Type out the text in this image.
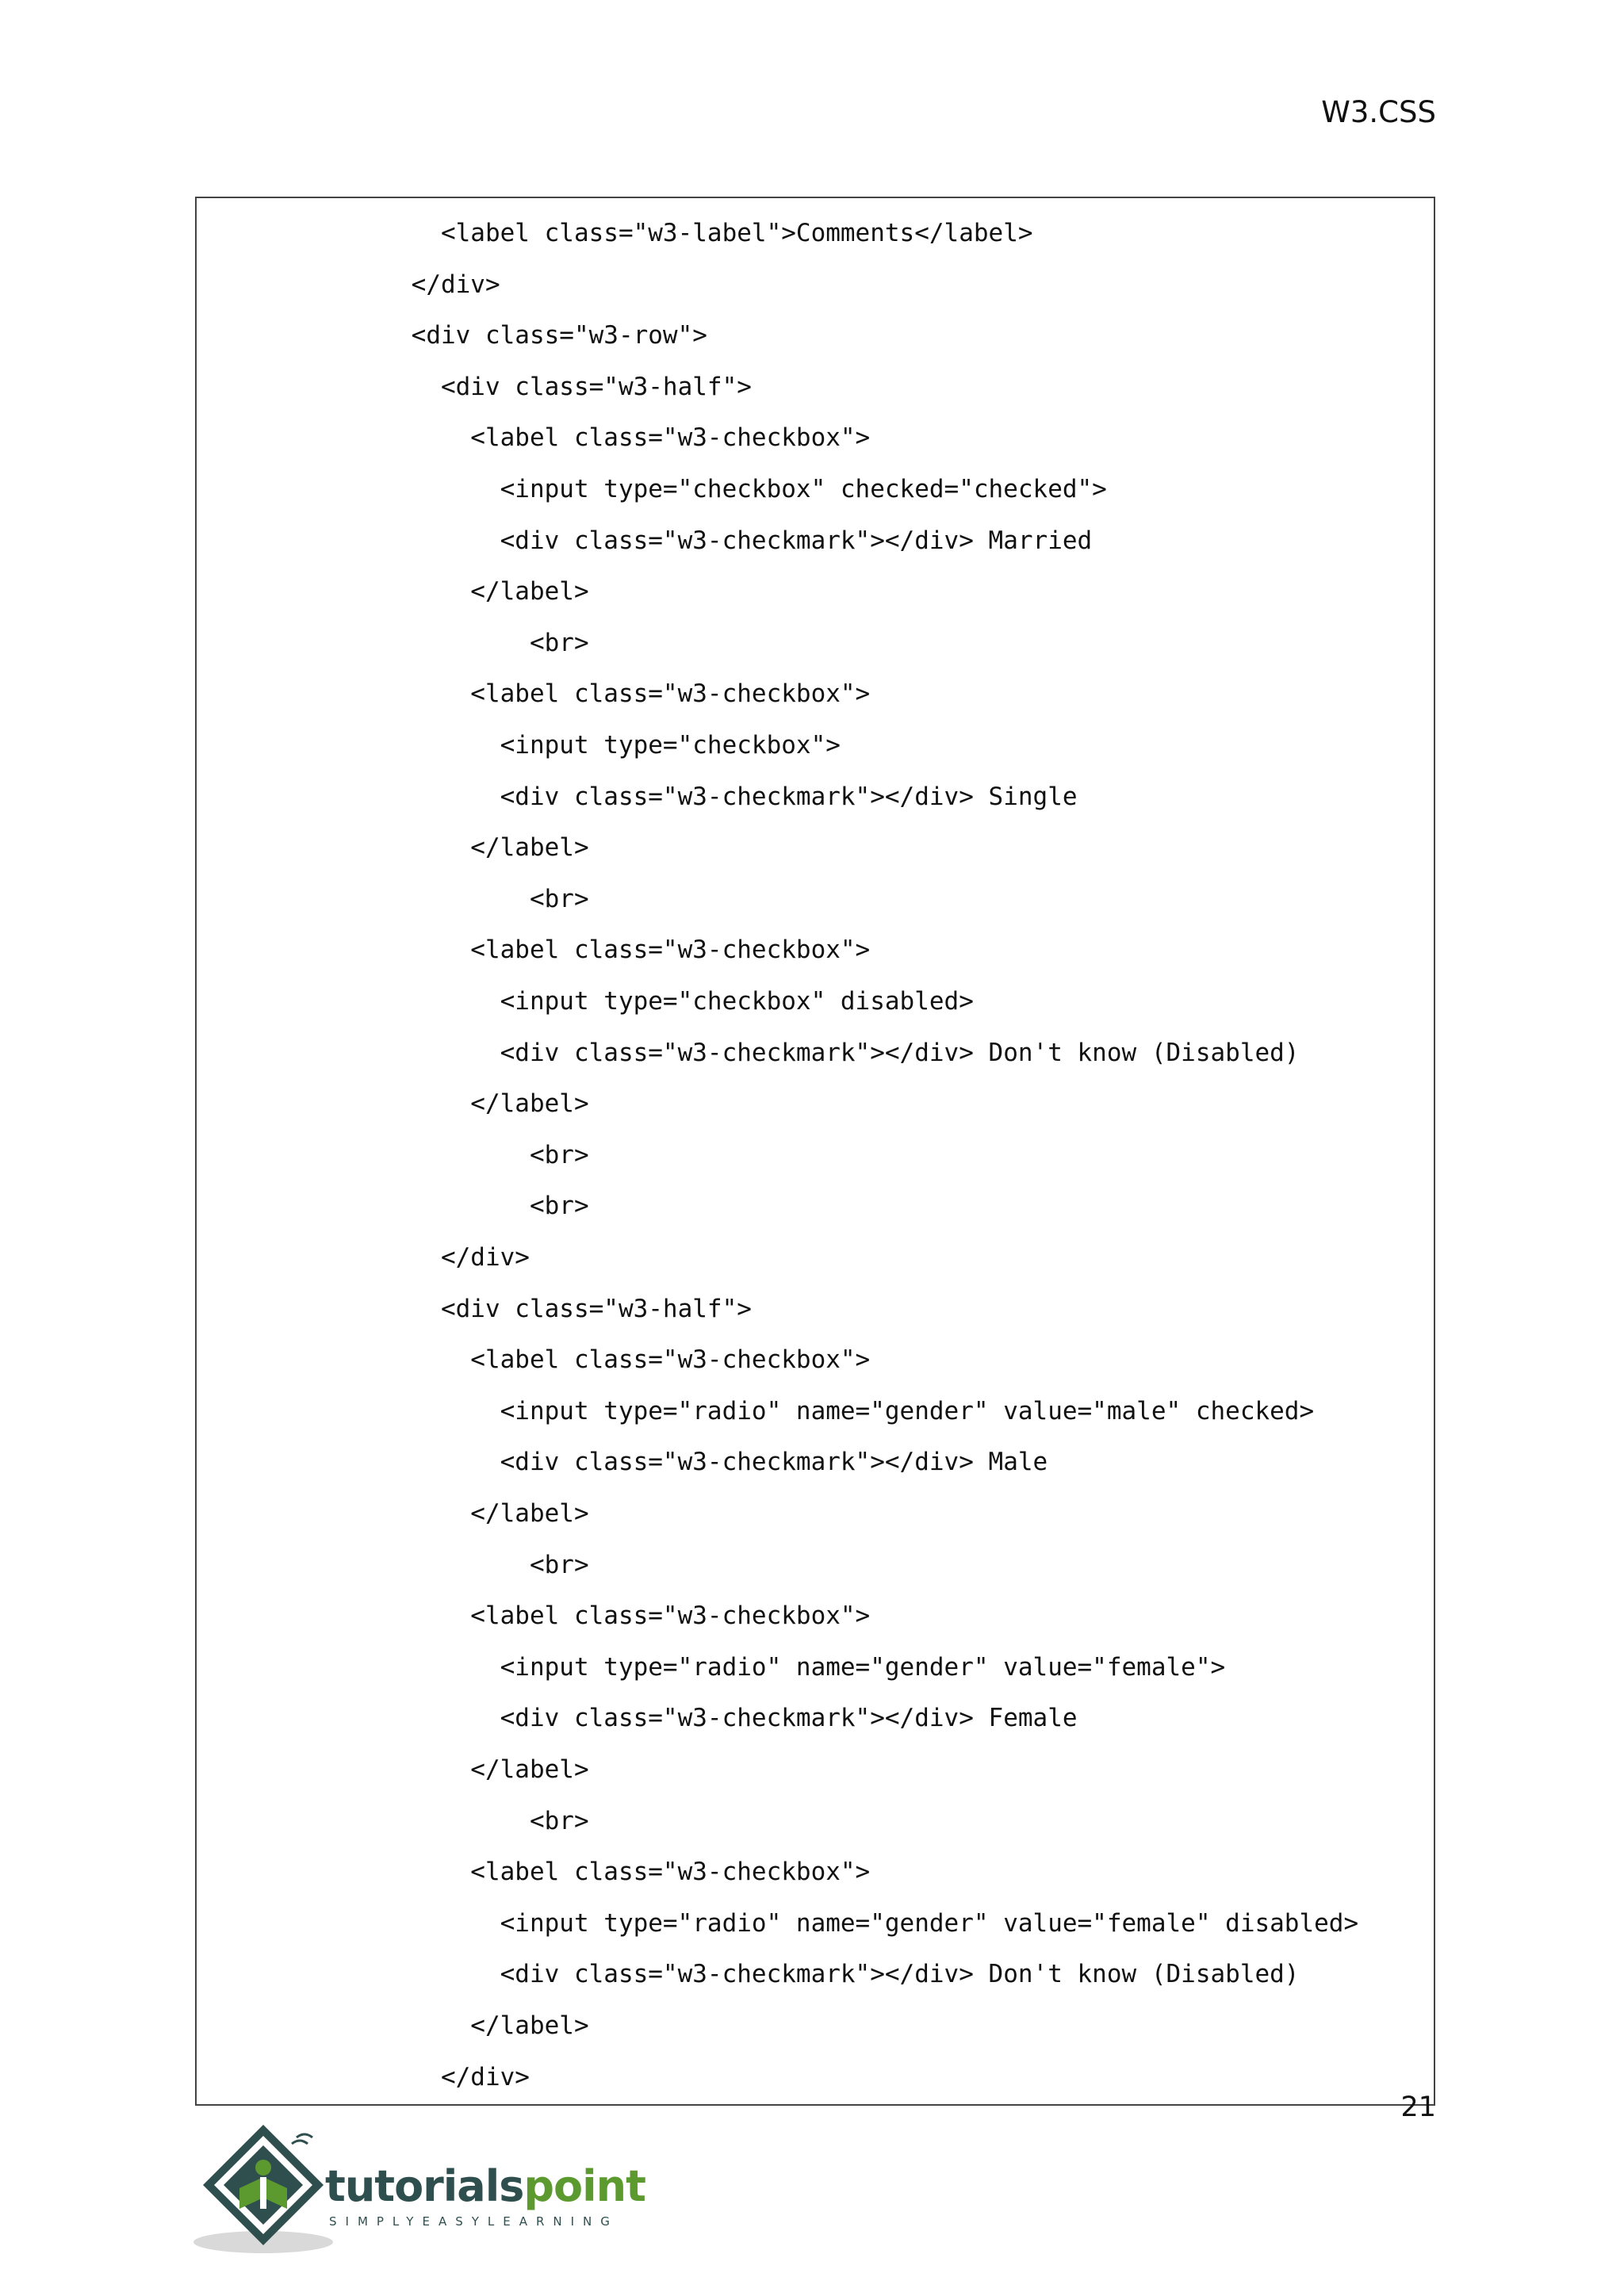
W3.CSS
<label class="w3-label">Comments</label>
</div>
<div class="w3-row">
<div class="w3-half">
<label class="w3-checkbox">
<input type="checkbox" checked="checked">
<div class="w3-checkmark"></div> Married
</label>
<br>
<label class="w3-checkbox">
<input type="checkbox">
<div class="w3-checkmark"></div> Single
</label>
<br>
<label class="w3-checkbox">
<input type="checkbox" disabled>
<div class="w3-checkmark"></div> Don't know (Disabled)
</label>
<br>
<br>
</div>
<div class="w3-half">
<label class="w3-checkbox">
<input type="radio" name="gender" value="male" checked>
<div class="w3-checkmark"></div> Male
</label>
<br>
<label class="w3-checkbox">
<input type="radio" name="gender" value="female">
<div class="w3-checkmark"></div> Female
</label>
<br>
<label class="w3-checkbox">
<input type="radio" name="gender" value="female" disabled>
<div class="w3-checkmark"></div> Don't know (Disabled)
</label>
</div>
21
tutorialspoint
SIMPLYEASYLEARNING
